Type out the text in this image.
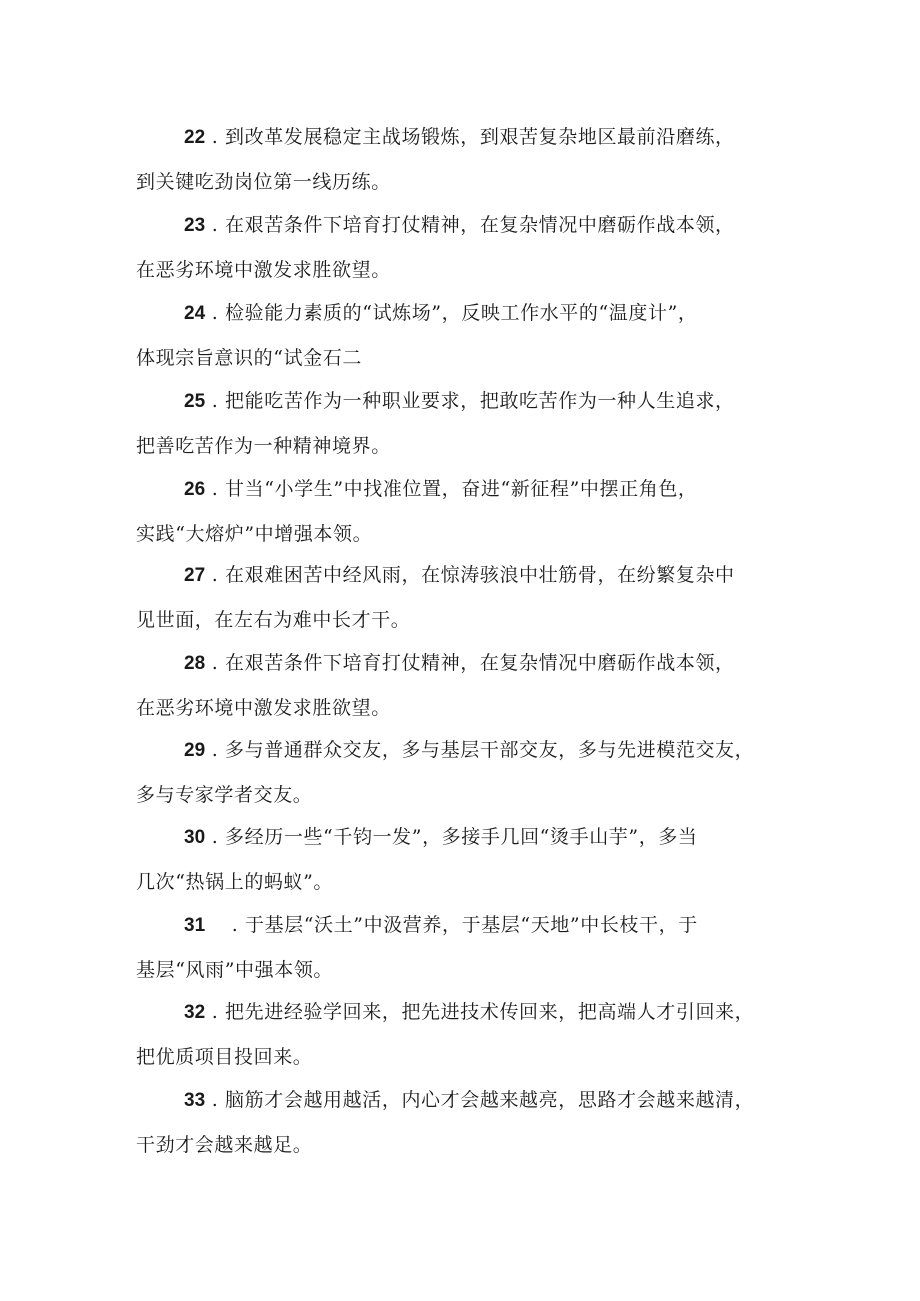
22 . 到改革发展稳定主战场锻炼，到艰苦复杂地区最前沿磨练，
到关键吃劲岗位第一线历练。
23 . 在艰苦条件下培育打仗精神，在复杂情况中磨砺作战本领，
在恶劣环境中激发求胜欲望。
24 . 检验能力素质的“试炼场”，反映工作水平的“温度计”，
体现宗旨意识的“试金石二
25 . 把能吃苦作为一种职业要求，把敢吃苦作为一种人生追求，
把善吃苦作为一种精神境界。
26 . 甘当“小学生”中找准位置，奋进“新征程”中摆正角色，
实践“大熔炉”中增强本领。
27 . 在艰难困苦中经风雨，在惊涛骇浪中壮筋骨，在纷繁复杂中
见世面，在左右为难中长才干。
28 . 在艰苦条件下培育打仗精神，在复杂情况中磨砺作战本领，
在恶劣环境中激发求胜欲望。
29 . 多与普通群众交友，多与基层干部交友，多与先进模范交友，
多与专家学者交友。
30 . 多经历一些“千钧一发”，多接手几回“烫手山芋”，多当
几次“热锅上的蚂蚁”。
31    . 于基层“沃土”中汲营养，于基层“天地”中长枝干，于
基层“风雨”中强本领。
32 . 把先进经验学回来，把先进技术传回来，把高端人才引回来，
把优质项目投回来。
33 . 脑筋才会越用越活，内心才会越来越亮，思路才会越来越清，
干劲才会越来越足。
